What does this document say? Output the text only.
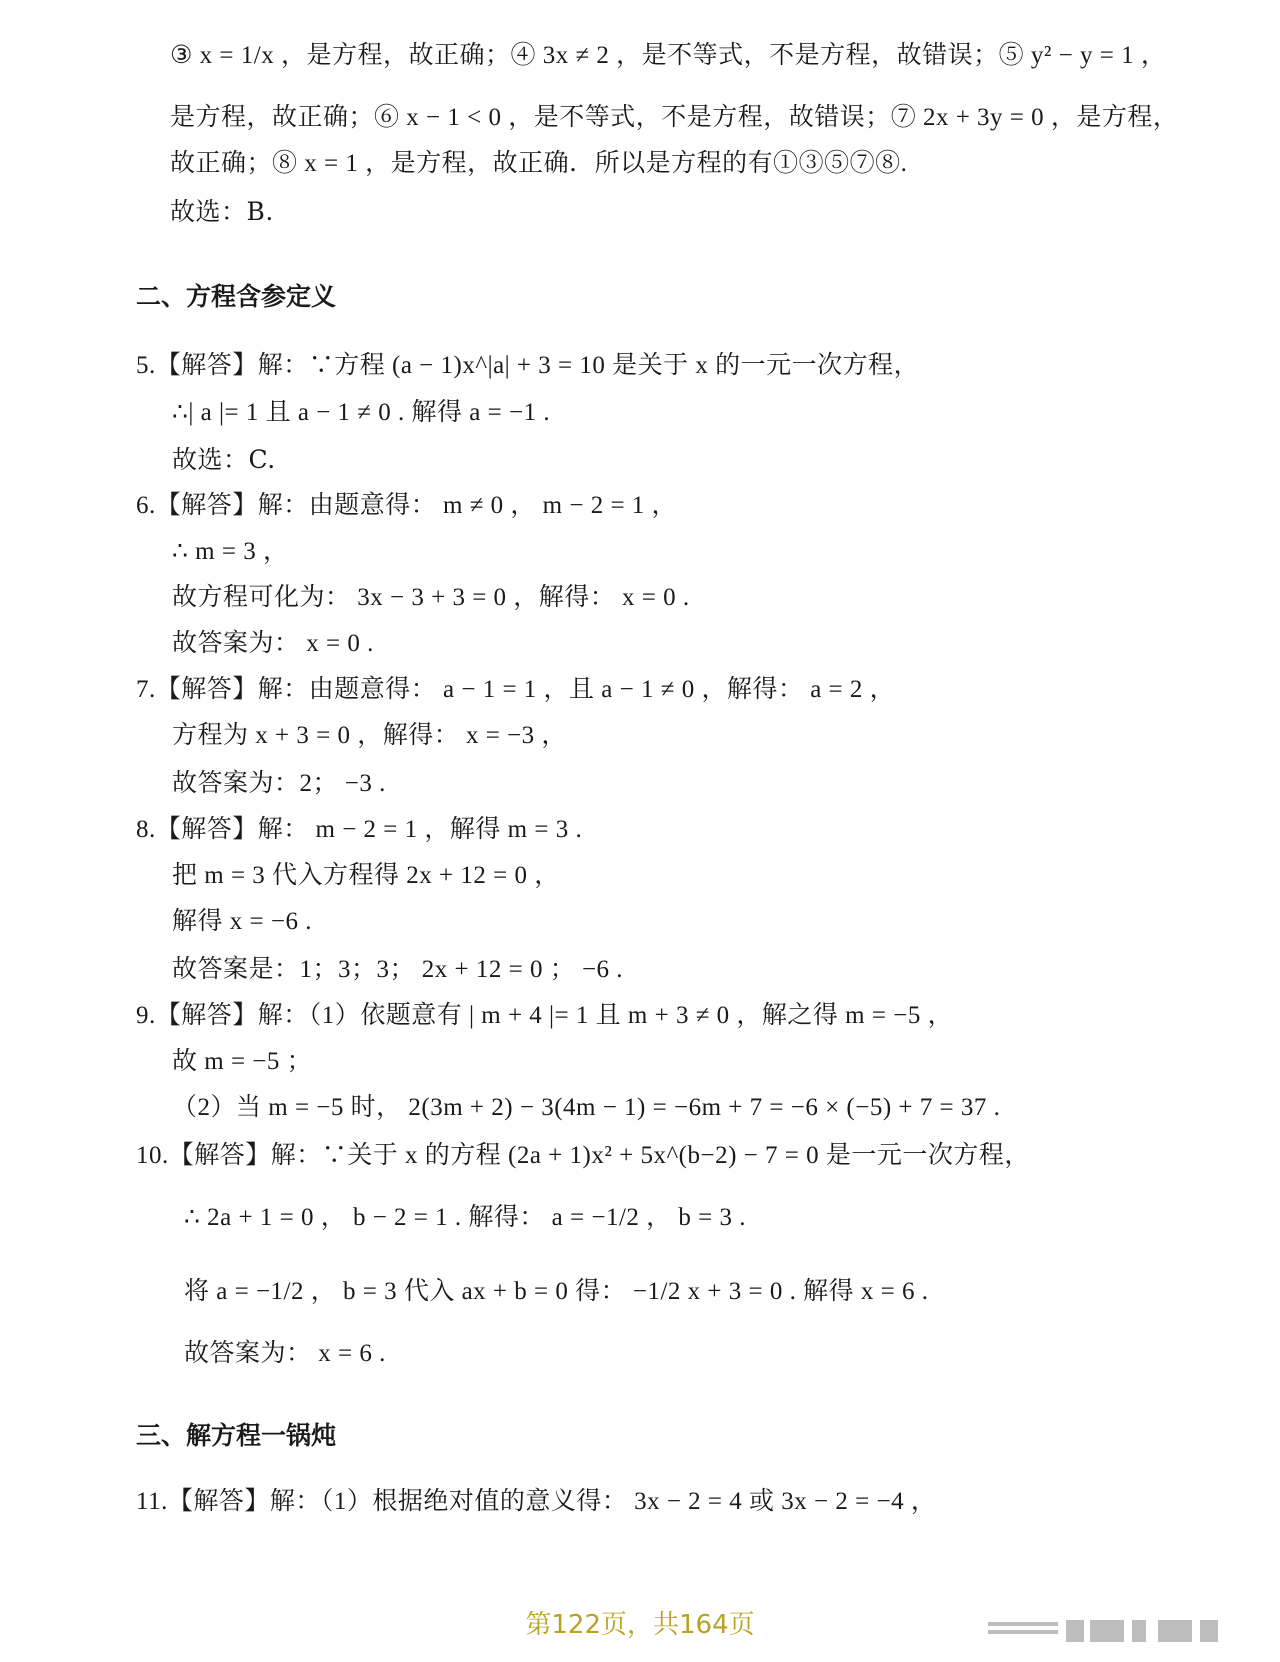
③ x = 1/x ，是方程，故正确；④ 3x ≠ 2 ，是不等式，不是方程，故错误；⑤ y² − y = 1 ，
是方程，故正确；⑥ x − 1 < 0 ，是不等式，不是方程，故错误；⑦ 2x + 3y = 0 ，是方程，
故正确；⑧ x = 1 ，是方程，故正确．所以是方程的有①③⑤⑦⑧.
故选：B.
二、方程含参定义
5.【解答】解：∵方程 (a − 1)x^|a| + 3 = 10 是关于 x 的一元一次方程，
∴| a |= 1 且 a − 1 ≠ 0 . 解得 a = −1 .
故选：C.
6.【解答】解：由题意得： m ≠ 0 ， m − 2 = 1 ，
∴ m = 3 ，
故方程可化为： 3x − 3 + 3 = 0 ，解得： x = 0 .
故答案为： x = 0 .
7.【解答】解：由题意得： a − 1 = 1 ，且 a − 1 ≠ 0 ，解得： a = 2 ，
方程为 x + 3 = 0 ，解得： x = −3 ，
故答案为：2； −3 .
8.【解答】解： m − 2 = 1 ，解得 m = 3 .
把 m = 3 代入方程得 2x + 12 = 0 ，
解得 x = −6 .
故答案是：1；3；3； 2x + 12 = 0 ； −6 .
9.【解答】解：（1）依题意有 | m + 4 |= 1 且 m + 3 ≠ 0 ，解之得 m = −5 ，
故 m = −5 ；
（2）当 m = −5 时， 2(3m + 2) − 3(4m − 1) = −6m + 7 = −6 × (−5) + 7 = 37 .
10.【解答】解：∵关于 x 的方程 (2a + 1)x² + 5x^(b−2) − 7 = 0 是一元一次方程，
∴ 2a + 1 = 0 ， b − 2 = 1 . 解得： a = −1/2 ， b = 3 .
将 a = −1/2 ， b = 3 代入 ax + b = 0 得： −1/2 x + 3 = 0 . 解得 x = 6 .
故答案为： x = 6 .
三、解方程一锅炖
11.【解答】解：（1）根据绝对值的意义得： 3x − 2 = 4 或 3x − 2 = −4 ，
第122页，共164页
